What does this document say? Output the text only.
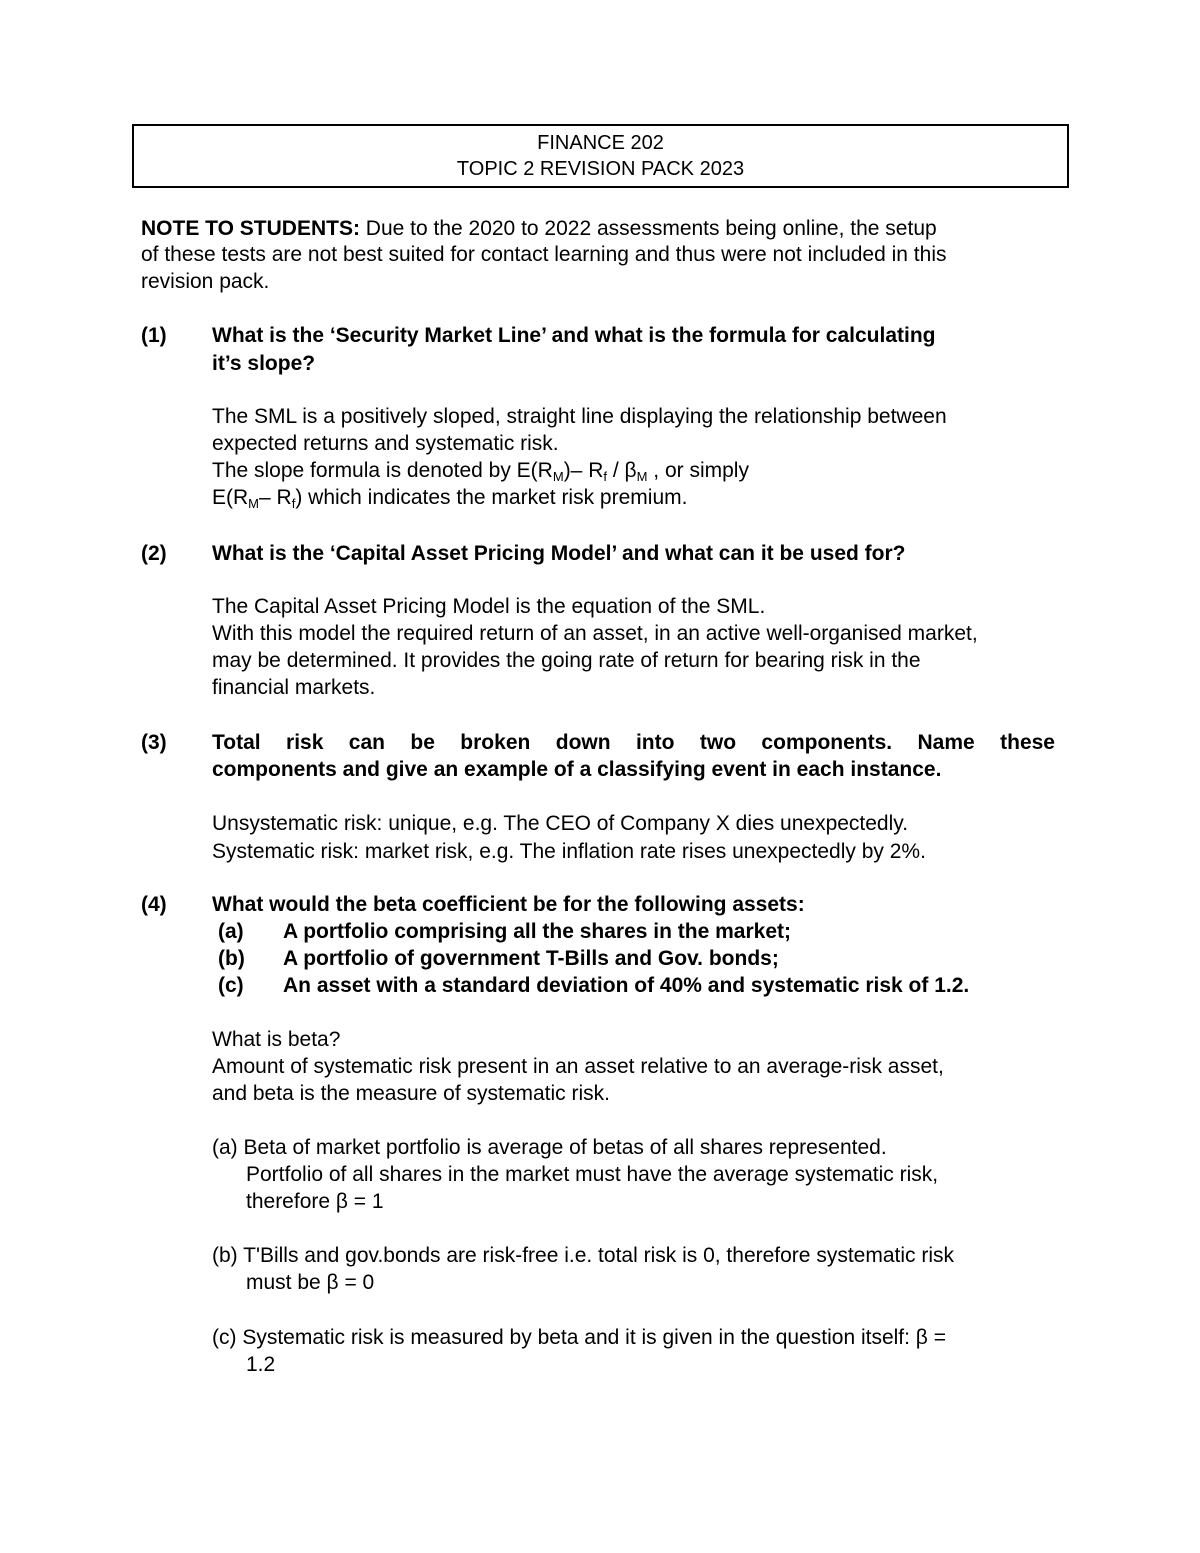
FINANCE 202
TOPIC 2 REVISION PACK 2023
NOTE TO STUDENTS: Due to the 2020 to 2022 assessments being online, the setup
of these tests are not best suited for contact learning and thus were not included in this
revision pack.
(1) What is the ‘Security Market Line’ and what is the formula for calculating
it’s slope?
The SML is a positively sloped, straight line displaying the relationship between
expected returns and systematic risk.
The slope formula is denoted by $E(R_M)-$ $R_f / \beta_M$ , or simply
$E(R_M-$ $R_f$) which indicates the market risk premium.
(2) What is the ‘Capital Asset Pricing Model’ and what can it be used for?
The Capital Asset Pricing Model is the equation of the SML.
With this model the required return of an asset, in an active well-organised market,
may be determined. It provides the going rate of return for bearing risk in the
financial markets.
(3) Total risk can be broken down into two components. Name these
components and give an example of a classifying event in each instance.
Unsystematic risk: unique, e.g. The CEO of Company X dies unexpectedly.
Systematic risk: market risk, e.g. The inflation rate rises unexpectedly by 2%.
(4) What would the beta coefficient be for the following assets:
(a) A portfolio comprising all the shares in the market;
(b) A portfolio of government T-Bills and Gov. bonds;
(c) An asset with a standard deviation of 40% and systematic risk of 1.2.
What is beta?
Amount of systematic risk present in an asset relative to an average-risk asset,
and beta is the measure of systematic risk.
(a) Beta of market portfolio is average of betas of all shares represented.
Portfolio of all shares in the market must have the average systematic risk,
therefore β = 1
(b) T'Bills and gov.bonds are risk-free i.e. total risk is 0, therefore systematic risk
must be β = 0
(c) Systematic risk is measured by beta and it is given in the question itself: β =
1.2
